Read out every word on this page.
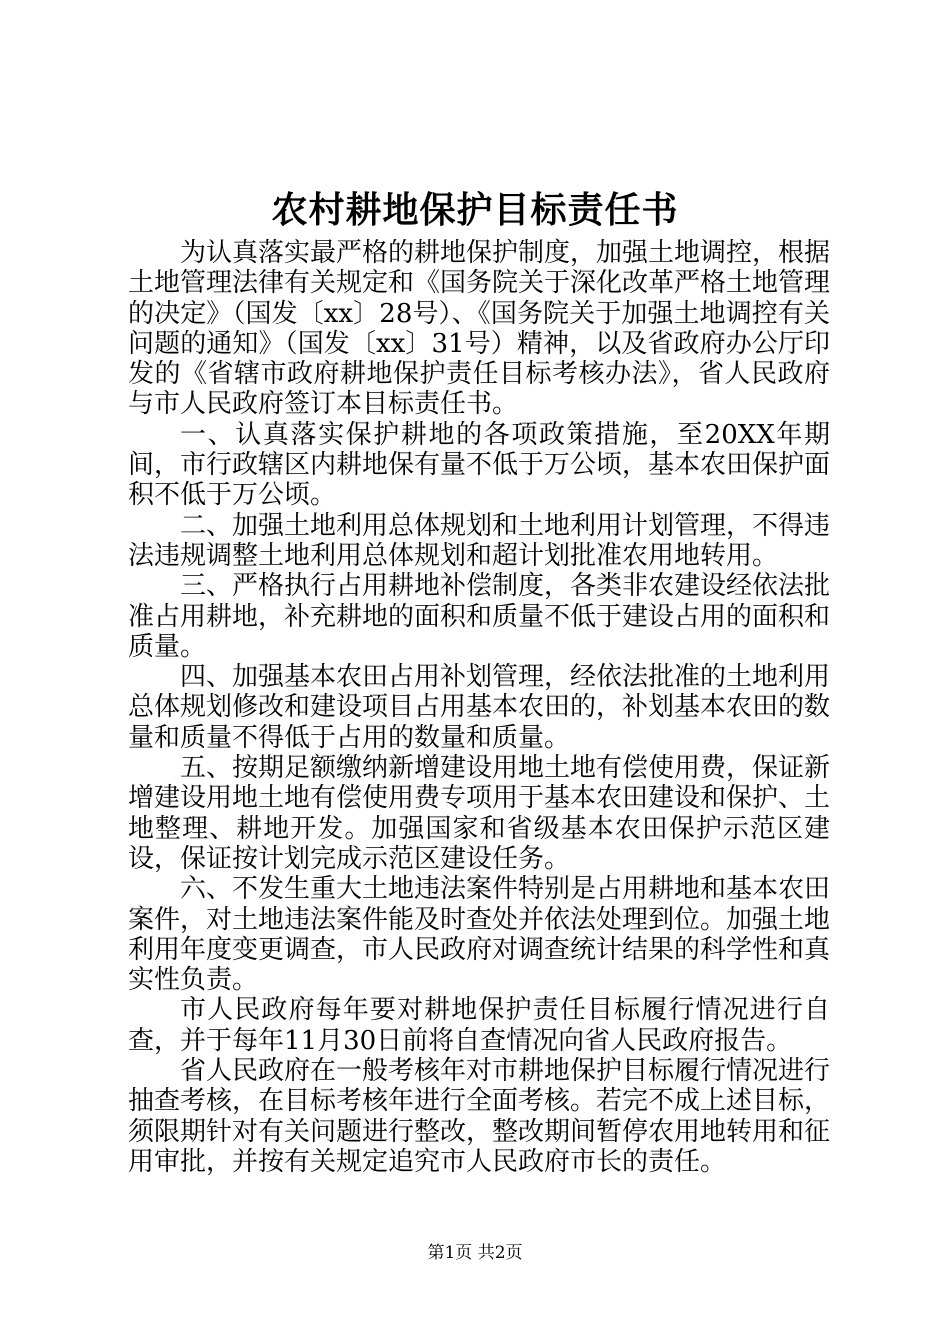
农村耕地保护目标责任书

为认真落实最严格的耕地保护制度，加强土地调控，根据土地管理法律有关规定和《国务院关于深化改革严格土地管理的决定》（国发〔xx〕28号）、《国务院关于加强土地调控有关问题的通知》（国发〔xx〕31号）精神，以及省政府办公厅印发的《省辖市政府耕地保护责任目标考核办法》，省人民政府与市人民政府签订本目标责任书。

一、认真落实保护耕地的各项政策措施，至20XX年期间，市行政辖区内耕地保有量不低于万公顷，基本农田保护面积不低于万公顷。

二、加强土地利用总体规划和土地利用计划管理，不得违法违规调整土地利用总体规划和超计划批准农用地转用。

三、严格执行占用耕地补偿制度，各类非农建设经依法批准占用耕地，补充耕地的面积和质量不低于建设占用的面积和质量。

四、加强基本农田占用补划管理，经依法批准的土地利用总体规划修改和建设项目占用基本农田的，补划基本农田的数量和质量不得低于占用的数量和质量。

五、按期足额缴纳新增建设用地土地有偿使用费，保证新增建设用地土地有偿使用费专项用于基本农田建设和保护、土地整理、耕地开发。加强国家和省级基本农田保护示范区建设，保证按计划完成示范区建设任务。

六、不发生重大土地违法案件特别是占用耕地和基本农田案件，对土地违法案件能及时查处并依法处理到位。加强土地利用年度变更调查，市人民政府对调查统计结果的科学性和真实性负责。

市人民政府每年要对耕地保护责任目标履行情况进行自查，并于每年11月30日前将自查情况向省人民政府报告。

省人民政府在一般考核年对市耕地保护目标履行情况进行抽查考核，在目标考核年进行全面考核。若完不成上述目标，须限期针对有关问题进行整改，整改期间暂停农用地转用和征用审批，并按有关规定追究市人民政府市长的责任。

第1页 共2页
